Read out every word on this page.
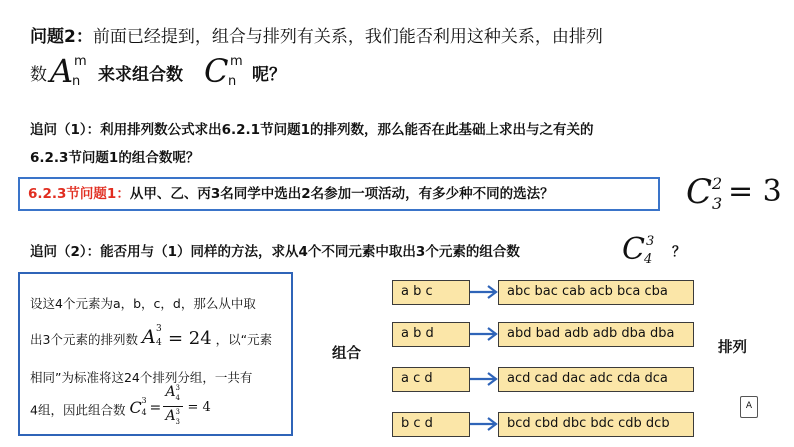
问题2：前面已经提到，组合与排列有关系，我们能否利用这种关系，由排列
数 A m
n 来求组合数 C m
n 呢？
追问（1）：利用排列数公式求出6.2.1节问题1的排列数，那么能否在此基础上求出与之有关的
6.2.3节问题1的组合数呢？
6.2.3节问题1：从甲、乙、丙3名同学中选出2名参加一项活动，有多少种不同的选法？	C 2
3 = 3
追问（2）：能否用与（1）同样的方法，求从4个不同元素中取出3个元素的组合数	C 3
4 ？
设这4个元素为a，b，c，d，那么从中取
出3个元素的排列数 A 3
4 = 24 ，以“元素
相同”为标准将这24个排列分组，一共有
4组，因此组合数 C 3
4 =
A 3
4
A 3
3
= 4
组合	排列
a b c	abc bac cab acb bca cba
a b d	abd bad adb adb dba dba
a c d	acd cad dac adc cda dca
b c d	bcd cbd dbc bdc cdb dcb
A
